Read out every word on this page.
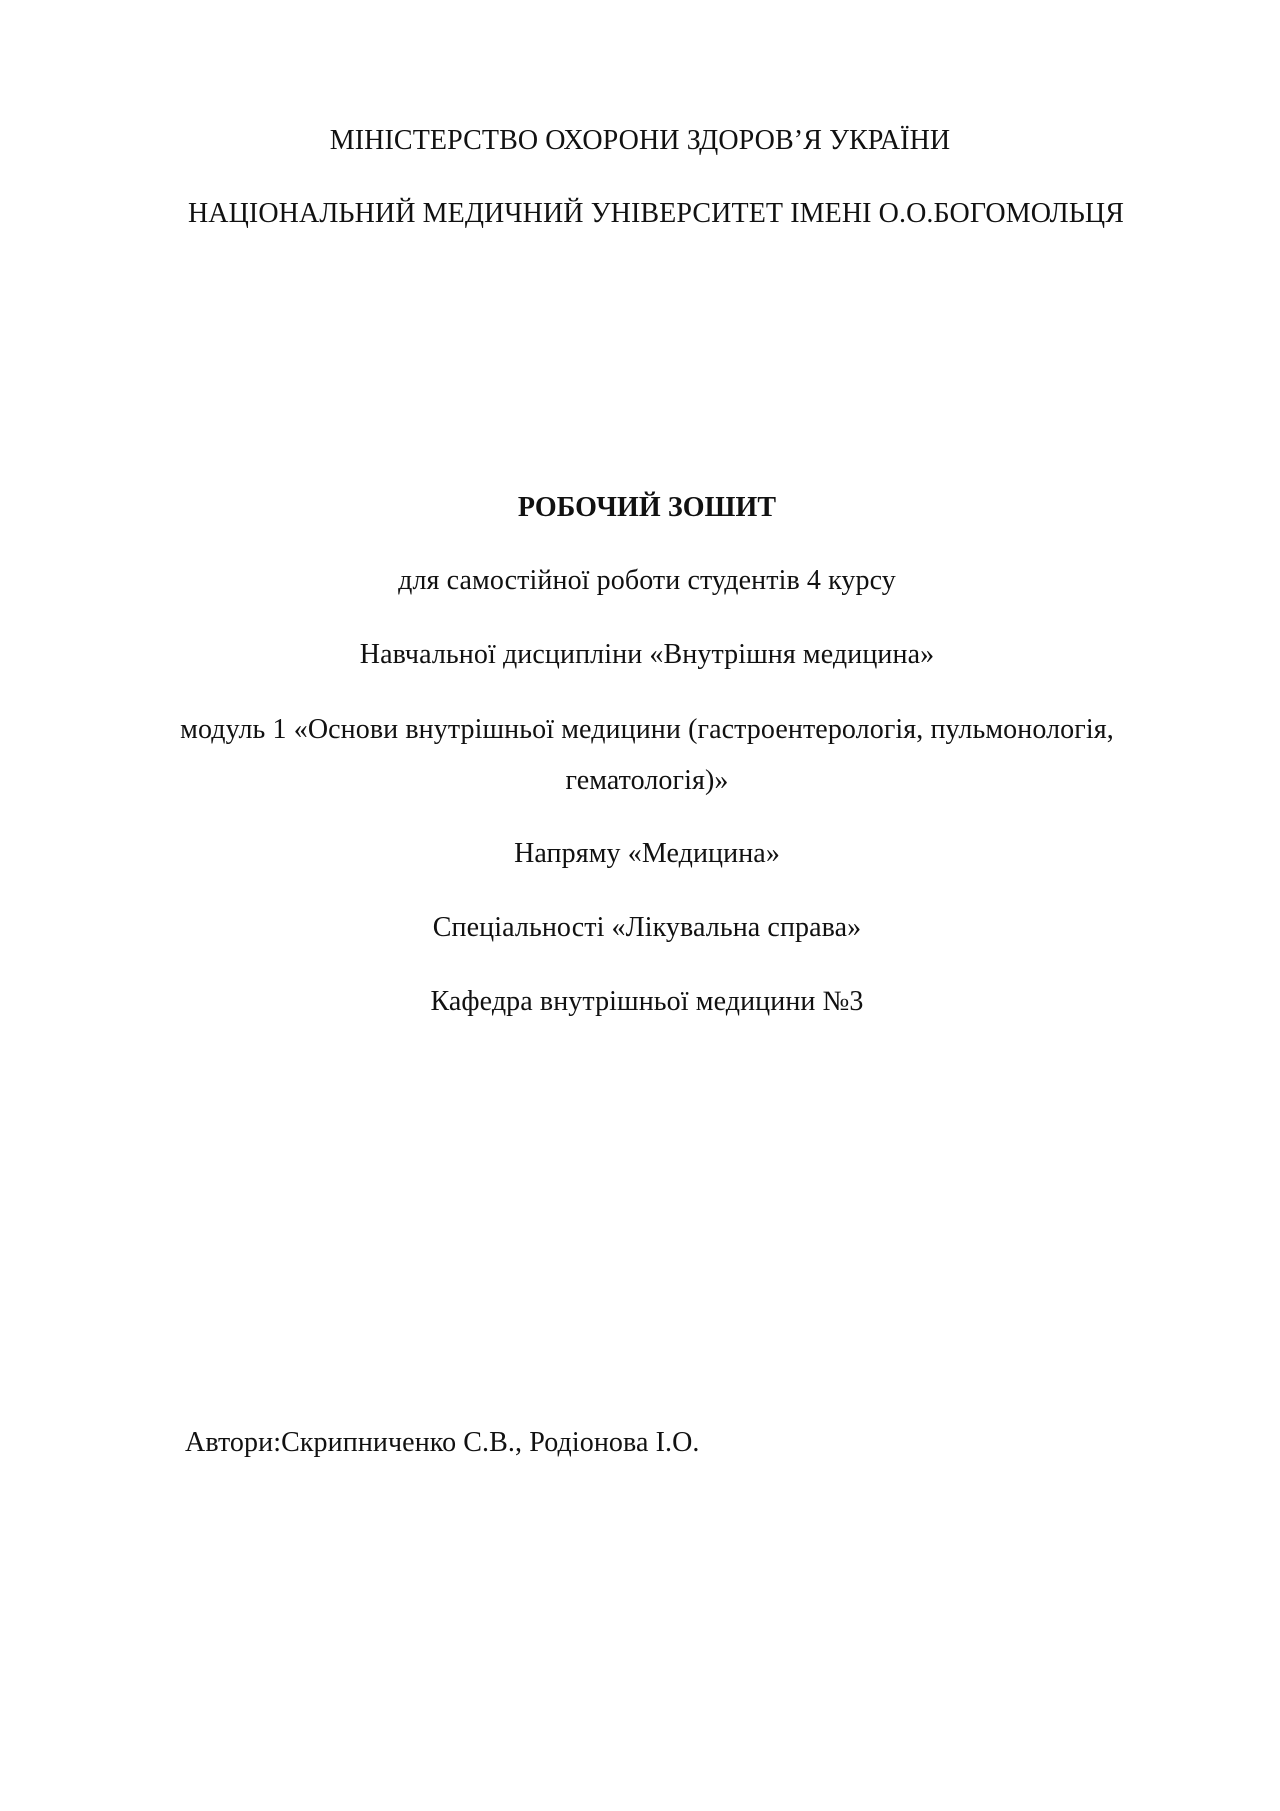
МІНІСТЕРСТВО ОХОРОНИ ЗДОРОВ’Я УКРАЇНИ
НАЦІОНАЛЬНИЙ МЕДИЧНИЙ УНІВЕРСИТЕТ ІМЕНІ О.О.БОГОМОЛЬЦЯ
РОБОЧИЙ ЗОШИТ
для самостійної роботи студентів 4 курсу
Навчальної дисципліни «Внутрішня медицина»
модуль 1 «Основи внутрішньої медицини (гастроентерологія, пульмонологія,
гематологія)»
Напряму «Медицина»
Спеціальності «Лікувальна справа»
Кафедра внутрішньої медицини №3
Автори:Скрипниченко С.В., Родіонова І.О.
